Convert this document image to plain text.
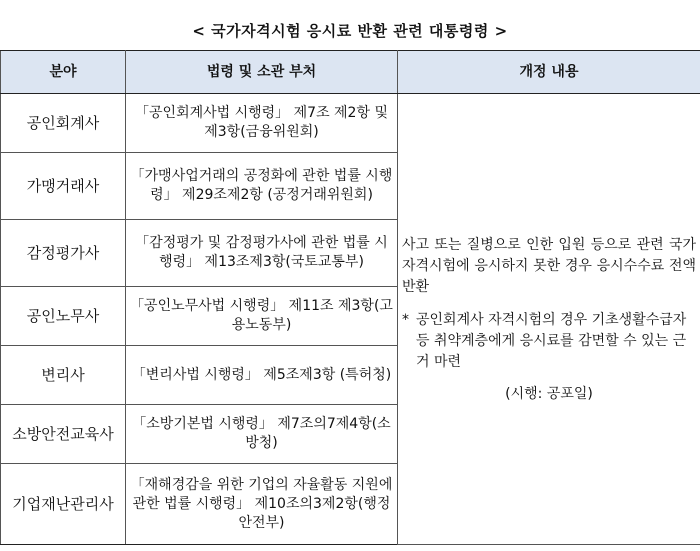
< 국가자격시험 응시료 반환 관련 대통령령 >
분야	법령 및 소관 부처	개정 내용
공인회계사	「공인회계사법 시행령」 제7조 제2항 및 제3항(금융위원회)	사고 또는 질병으로 인한 입원 등으로 관련 국가자격시험에 응시하지 못한 경우 응시수수료 전액 반환
* 공인회계사 자격시험의 경우 기초생활수급자 등 취약계층에게 응시료를 감면할 수 있는 근거 마련
(시행: 공포일)

가맹거래사	「가맹사업거래의 공정화에 관한 법률 시행령」 제29조제2항 (공정거래위원회)	
감정평가사	「감정평가 및 감정평가사에 관한 법률 시행령」 제13조제3항(국토교통부)	
공인노무사	「공인노무사법 시행령」 제11조 제3항(고용노동부)	
변리사	「변리사법 시행령」 제5조제3항 (특허청)	
소방안전교육사	「소방기본법 시행령」 제7조의7제4항(소방청)	
기업재난관리사	「재해경감을 위한 기업의 자율활동 지원에 관한 법률 시행령」 제10조의3제2항(행정안전부)	
